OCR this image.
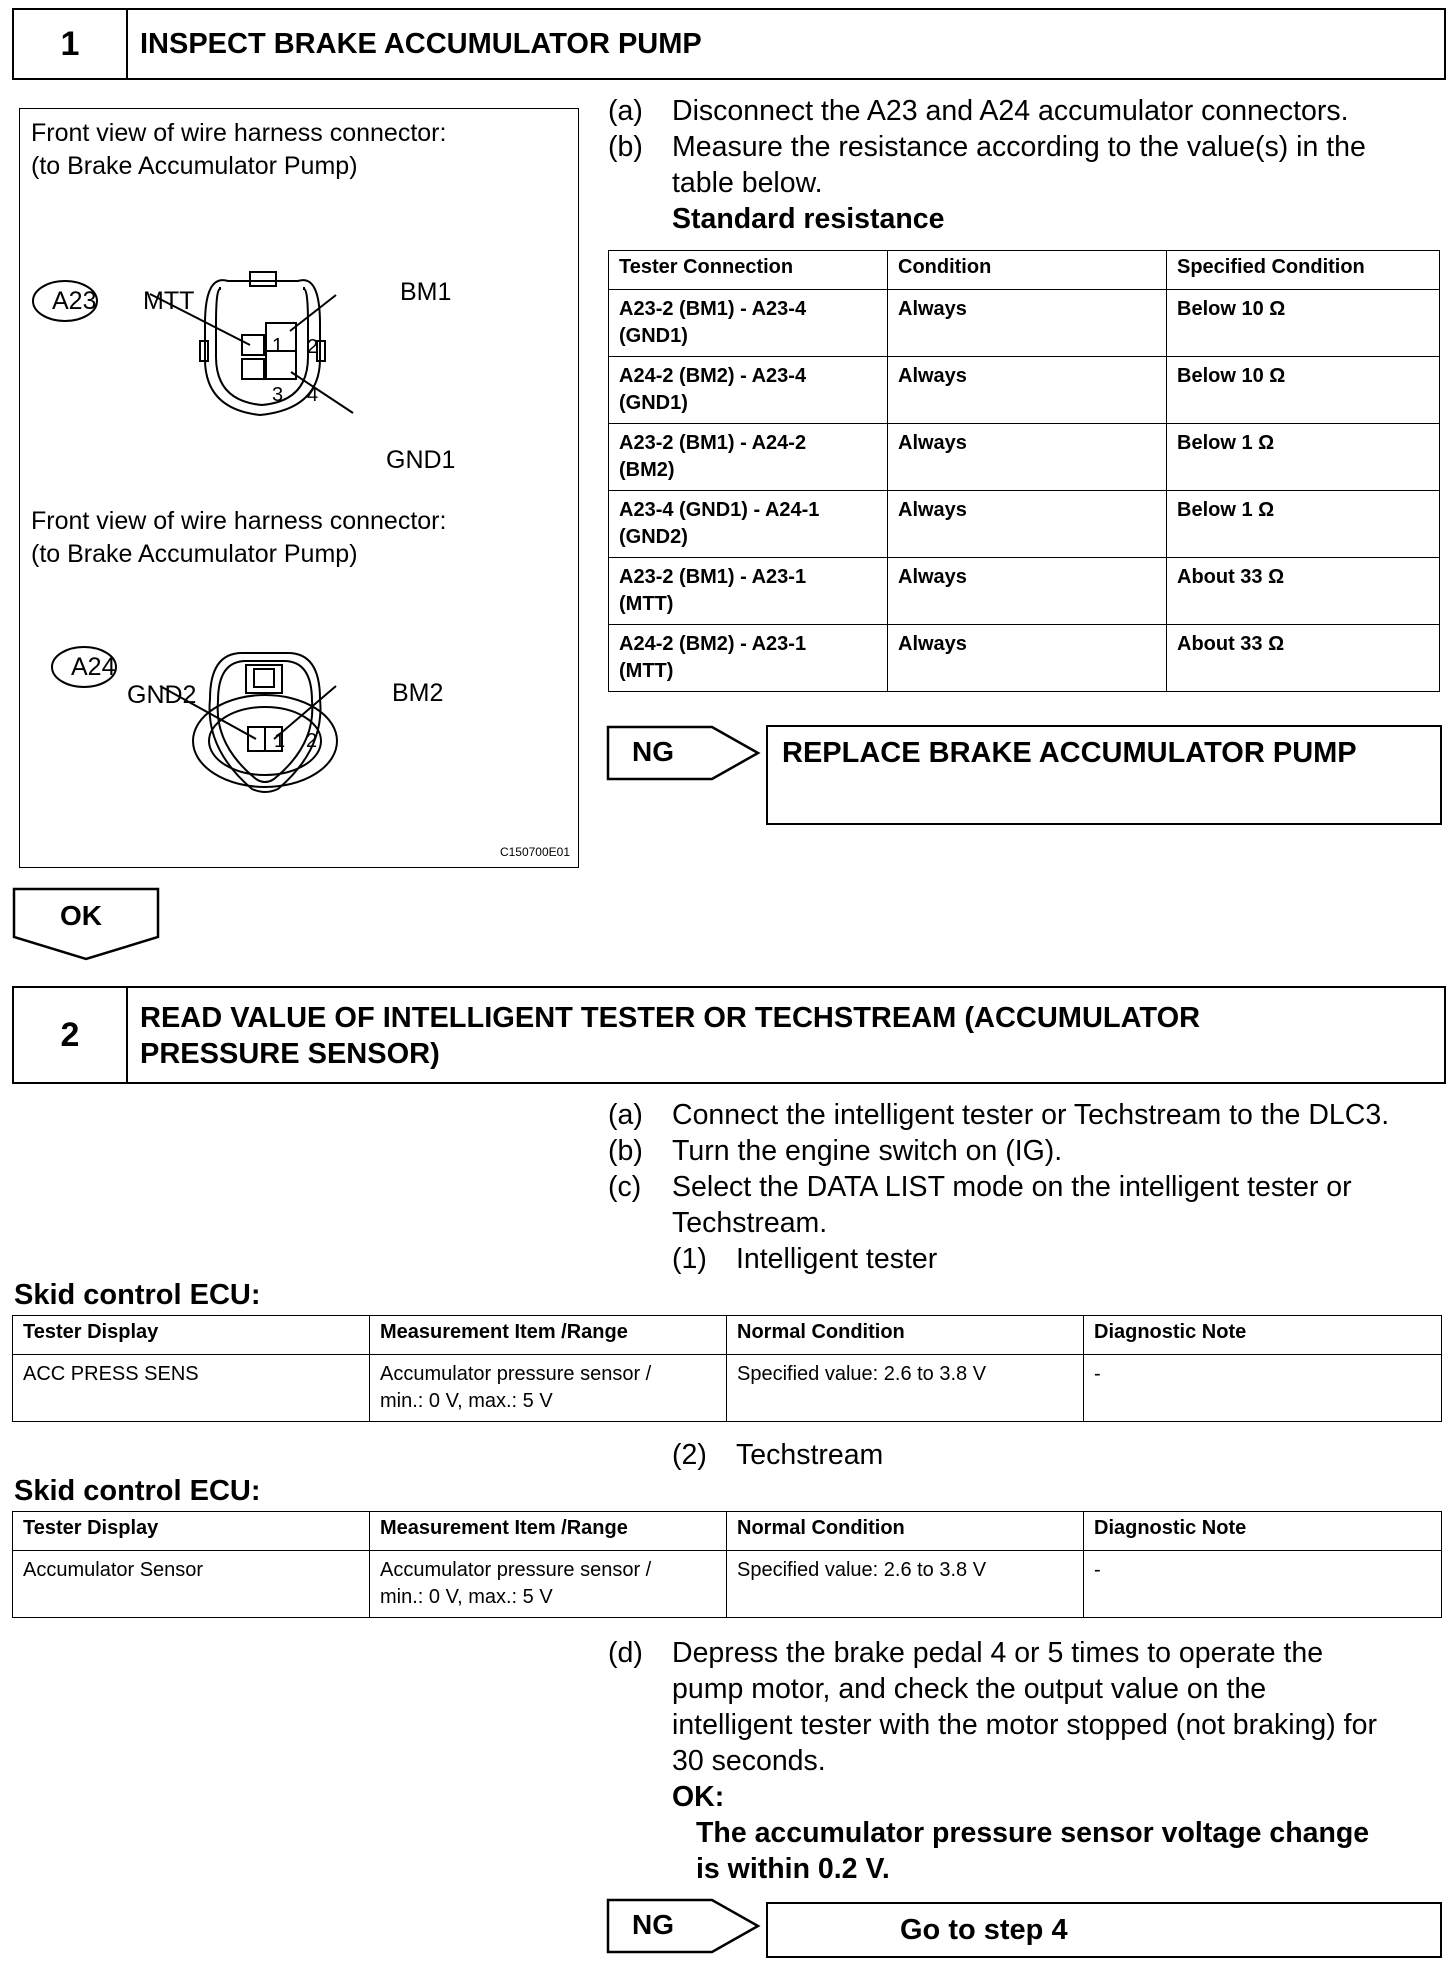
1	INSPECT BRAKE ACCUMULATOR PUMP
Front view of wire harness connector:
(to Brake Accumulator Pump)
A23 MTT	BM1
GND1
1 2
3 4
Front view of wire harness connector:
(to Brake Accumulator Pump)
A24
GND2	BM2
1 2
C150700E01
(a)	Disconnect the A23 and A24 accumulator connectors.
(b)	Measure the resistance according to the value(s) in the
table below.
Standard resistance
Tester Connection	Condition	Specified Condition

A23-2 (BM1) - A23-4
(GND1)	Always	Below 10 Ω

A24-2 (BM2) - A23-4
(GND1)	Always	Below 10 Ω

A23-2 (BM1) - A24-2
(BM2)	Always	Below 1 Ω

A23-4 (GND1) - A24-1
(GND2)	Always	Below 1 Ω

A23-2 (BM1) - A23-1
(MTT)	Always	About 33 Ω

A24-2 (BM2) - A23-1
(MTT)	Always	About 33 Ω
NG	REPLACE BRAKE ACCUMULATOR PUMP
OK
2	READ VALUE OF INTELLIGENT TESTER OR TECHSTREAM (ACCUMULATOR
PRESSURE SENSOR)
(a)	Connect the intelligent tester or Techstream to the DLC3.
(b)	Turn the engine switch on (IG).
(c)	Select the DATA LIST mode on the intelligent tester or
Techstream.
(1)	Intelligent tester
Skid control ECU:
Tester Display	Measurement Item /Range	Normal Condition	Diagnostic Note
ACC PRESS SENS	Accumulator pressure sensor /
min.: 0 V, max.: 5 V	Specified value: 2.6 to 3.8 V	-
(2)	Techstream
Skid control ECU:
Tester Display	Measurement Item /Range	Normal Condition	Diagnostic Note
Accumulator Sensor	Accumulator pressure sensor /
min.: 0 V, max.: 5 V	Specified value: 2.6 to 3.8 V	-
(d)	Depress the brake pedal 4 or 5 times to operate the
pump motor, and check the output value on the
intelligent tester with the motor stopped (not braking) for
30 seconds.
OK:
The accumulator pressure sensor voltage change
is within 0.2 V.
NG	Go to step 4
